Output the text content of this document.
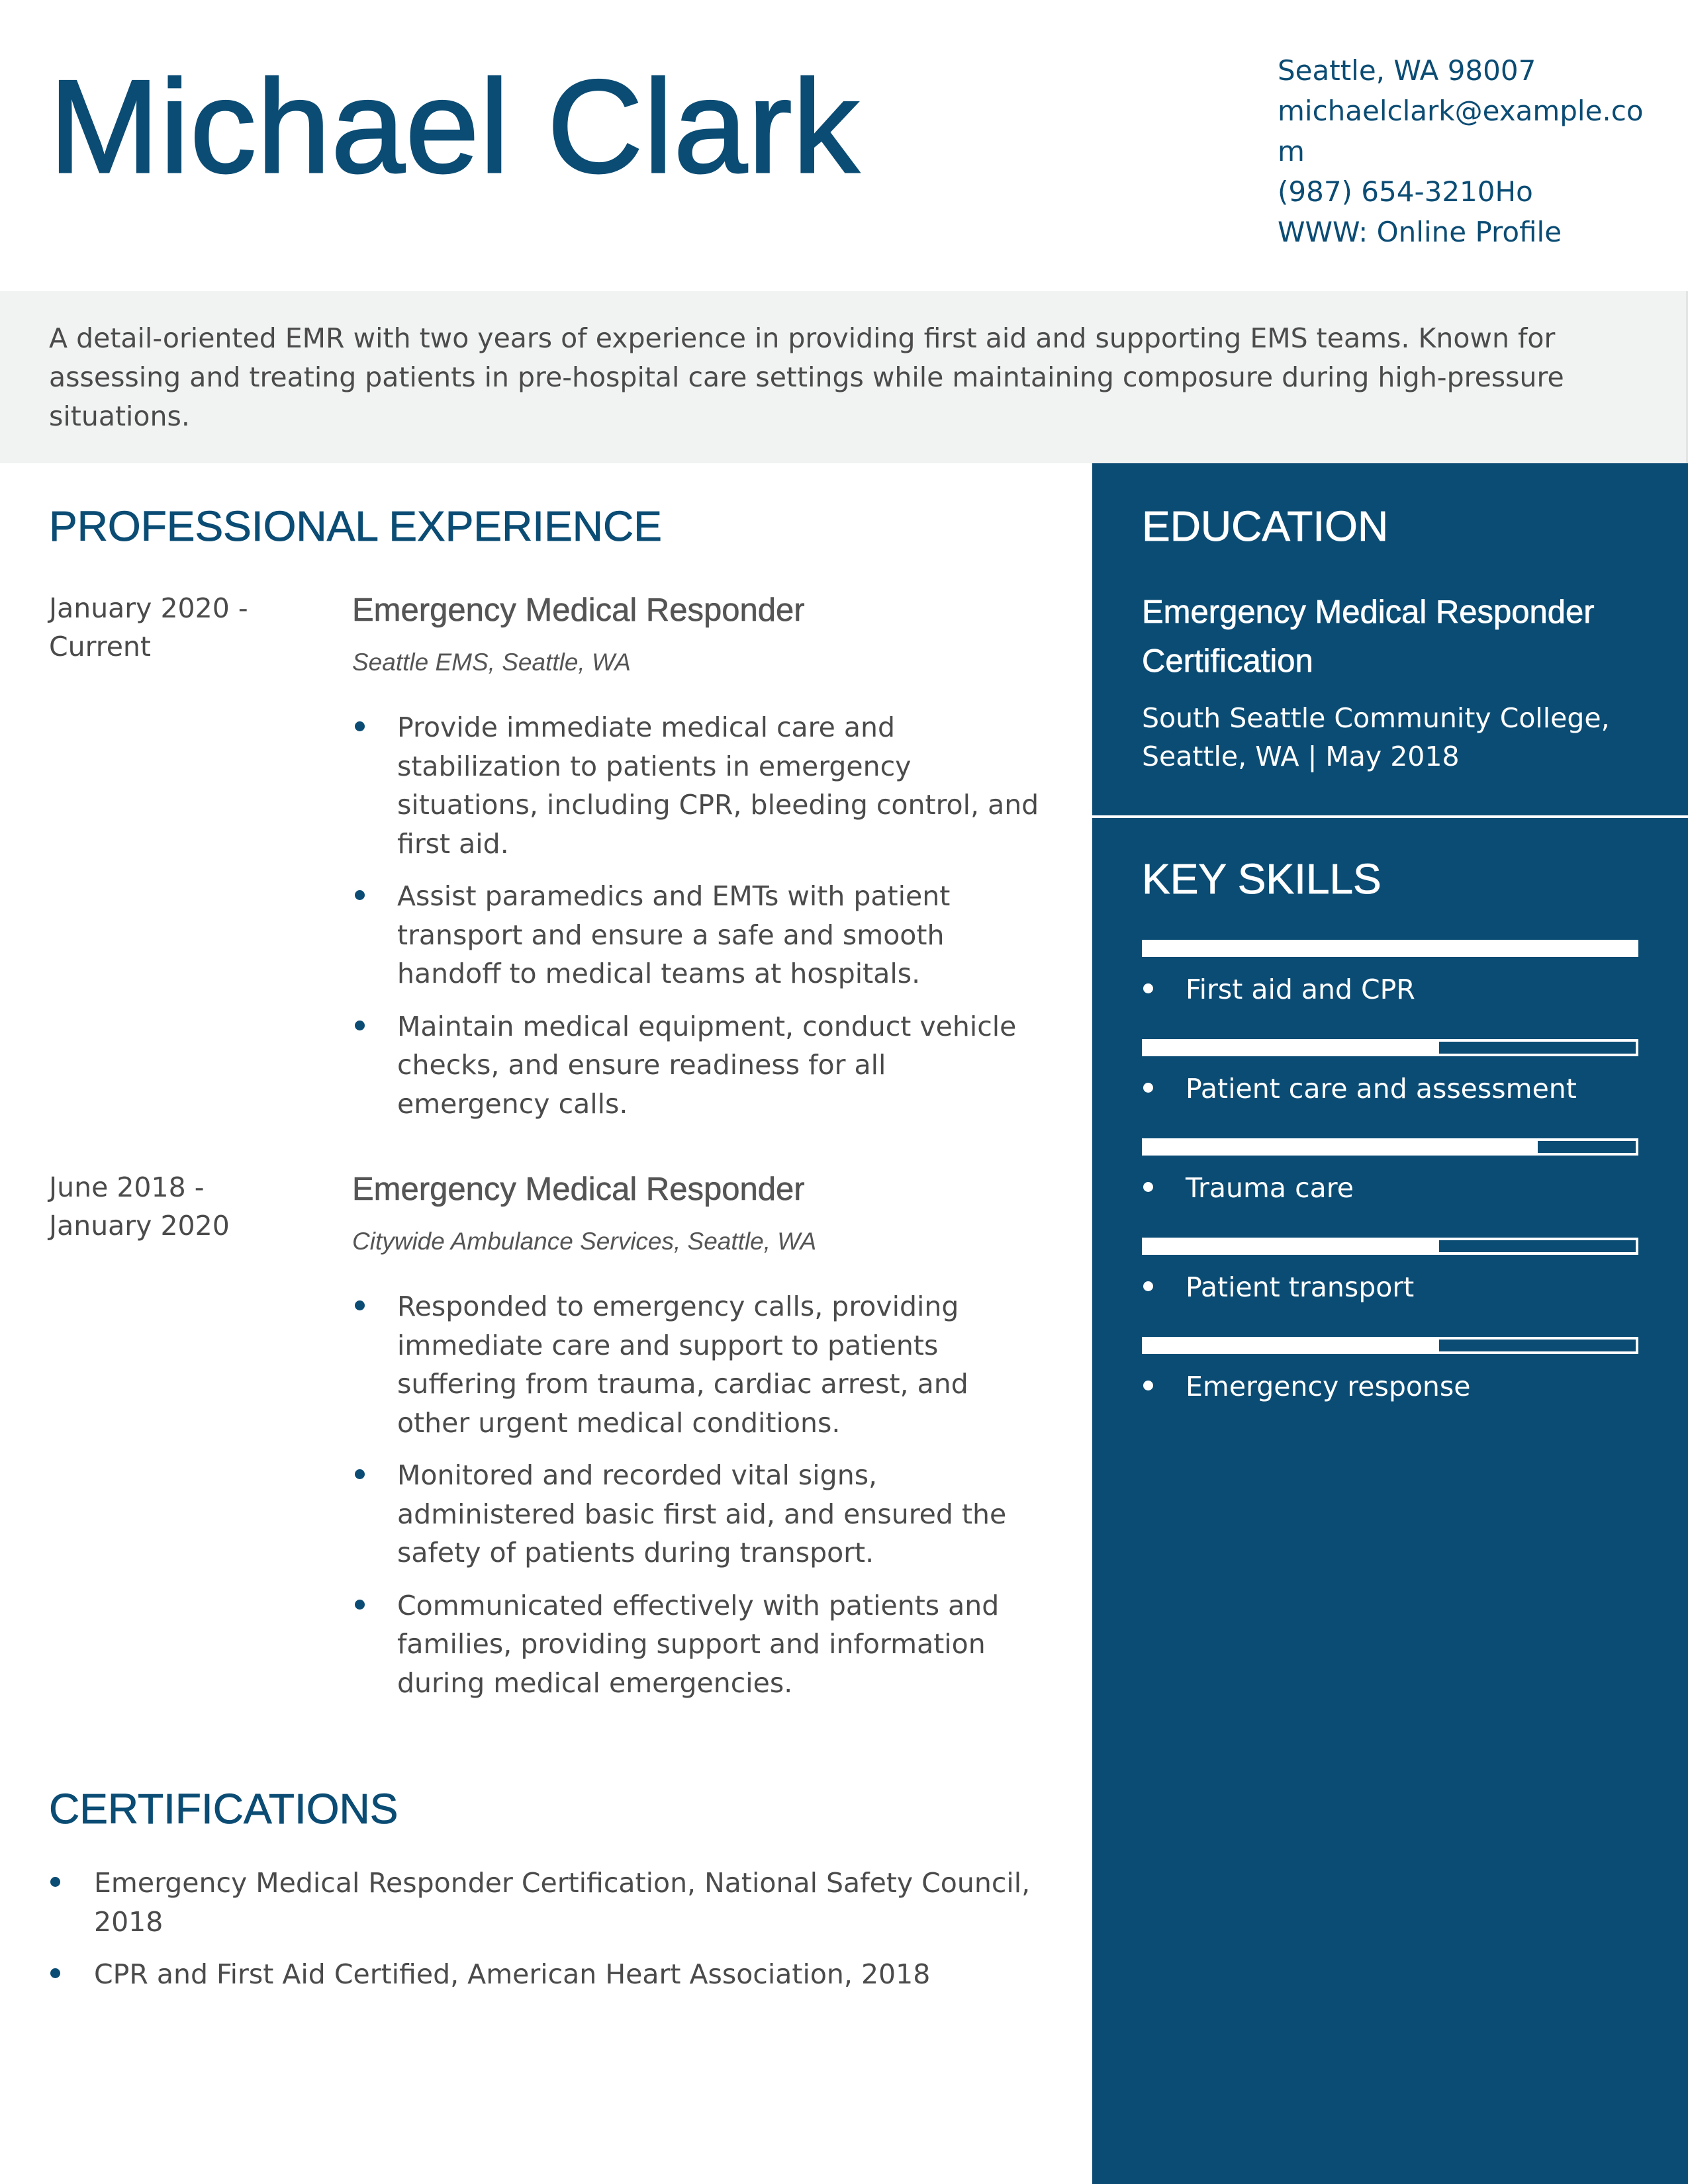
Michael Clark	Seattle, WA 98007
michaelclark@example.com
(987) 654-3210Ho
WWW: Online Profile

A detail-oriented EMR with two years of experience in providing first aid and supporting EMS teams. Known for assessing and treating patients in pre-hospital care settings while maintaining composure during high-pressure situations.

PROFESSIONAL EXPERIENCE
January 2020 -
Current
Emergency Medical Responder
Seattle EMS, Seattle, WA
Provide immediate medical care and stabilization to patients in emergency situations, including CPR, bleeding control, and first aid.
Assist paramedics and EMTs with patient transport and ensure a safe and smooth handoff to medical teams at hospitals.
Maintain medical equipment, conduct vehicle checks, and ensure readiness for all emergency calls.
June 2018 -
January 2020
Emergency Medical Responder
Citywide Ambulance Services, Seattle, WA
Responded to emergency calls, providing immediate care and support to patients suffering from trauma, cardiac arrest, and other urgent medical conditions.
Monitored and recorded vital signs, administered basic first aid, and ensured the safety of patients during transport.
Communicated effectively with patients and families, providing support and information during medical emergencies.
CERTIFICATIONS
Emergency Medical Responder Certification, National Safety Council, 2018
CPR and First Aid Certified, American Heart Association, 2018
EDUCATION

Emergency Medical Responder Certification

South Seattle Community College, Seattle, WA | May 2018

KEY SKILLS
First aid and CPR
Patient care and assessment
Trauma care
Patient transport
Emergency response
